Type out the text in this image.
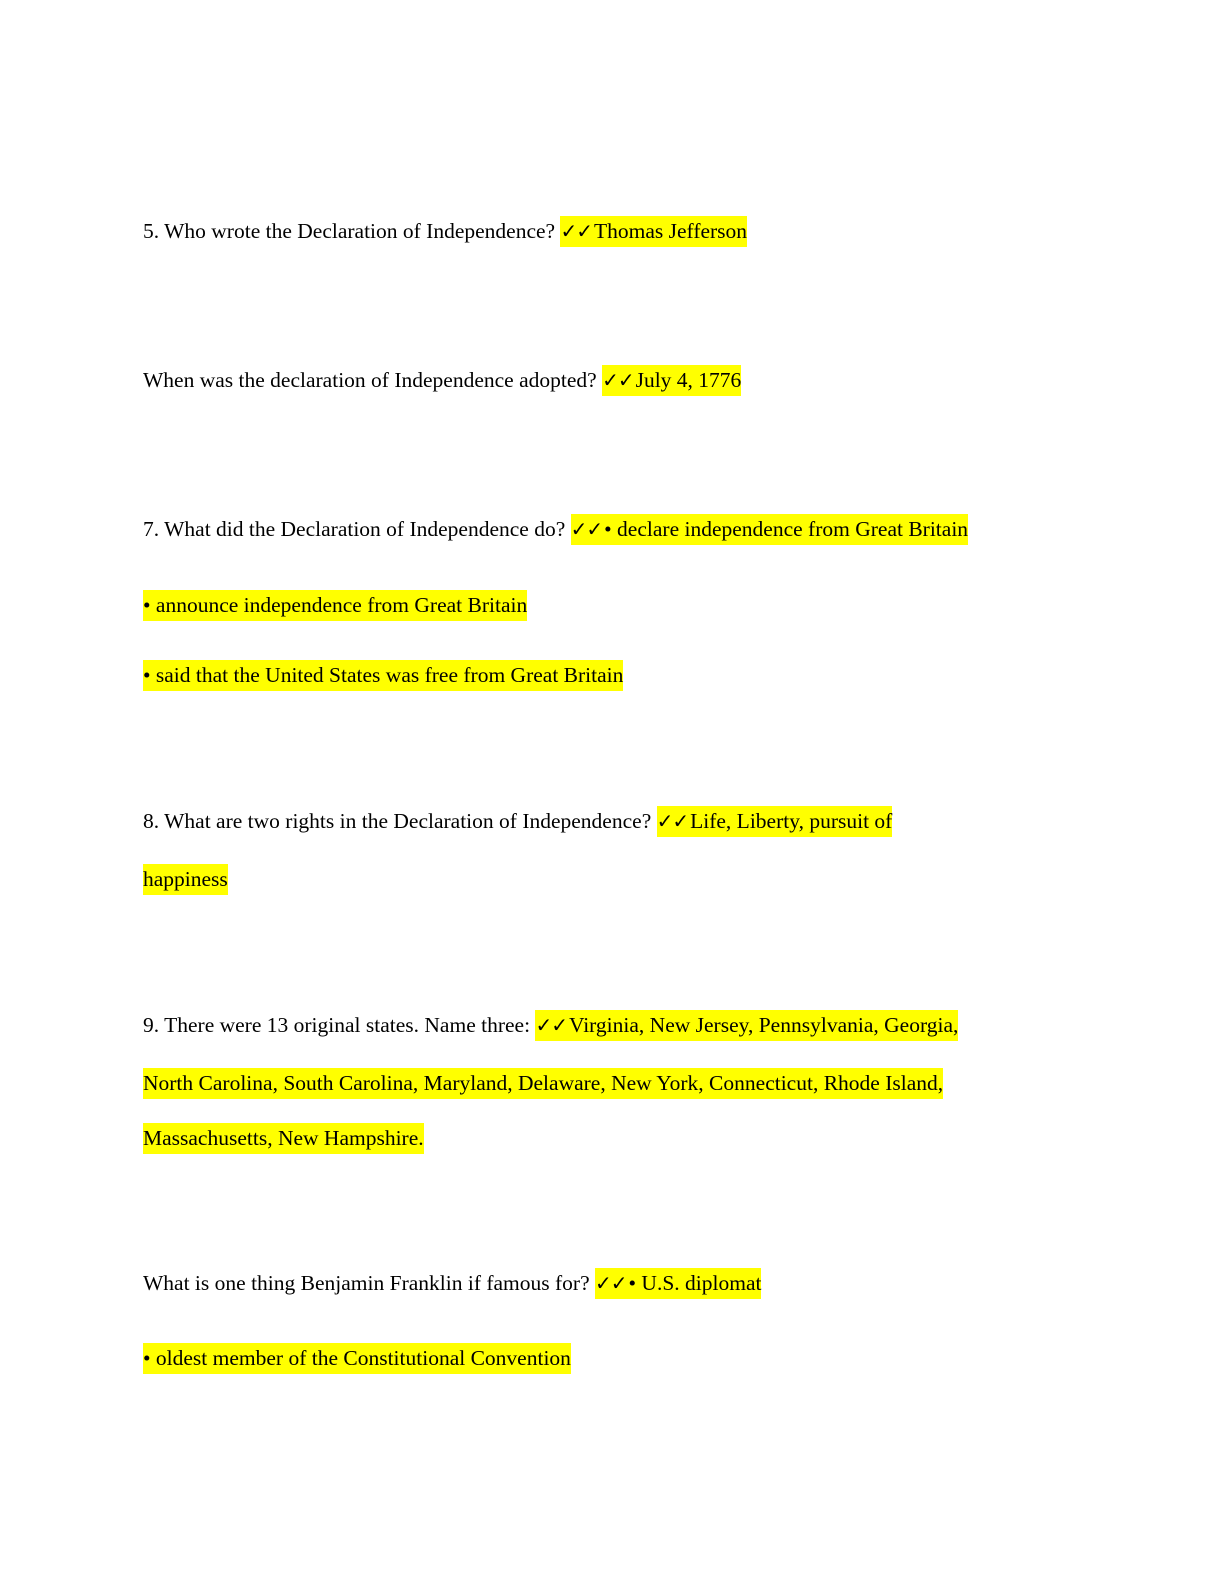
5. Who wrote the Declaration of Independence? ✓✓Thomas Jefferson
When was the declaration of Independence adopted? ✓✓July 4, 1776
7. What did the Declaration of Independence do? ✓✓• declare independence from Great Britain
• announce independence from Great Britain
• said that the United States was free from Great Britain
8. What are two rights in the Declaration of Independence? ✓✓Life, Liberty, pursuit of
happiness
9. There were 13 original states. Name three: ✓✓Virginia, New Jersey, Pennsylvania, Georgia,
North Carolina, South Carolina, Maryland, Delaware, New York, Connecticut, Rhode Island,
Massachusetts, New Hampshire.
What is one thing Benjamin Franklin if famous for? ✓✓• U.S. diplomat
• oldest member of the Constitutional Convention
